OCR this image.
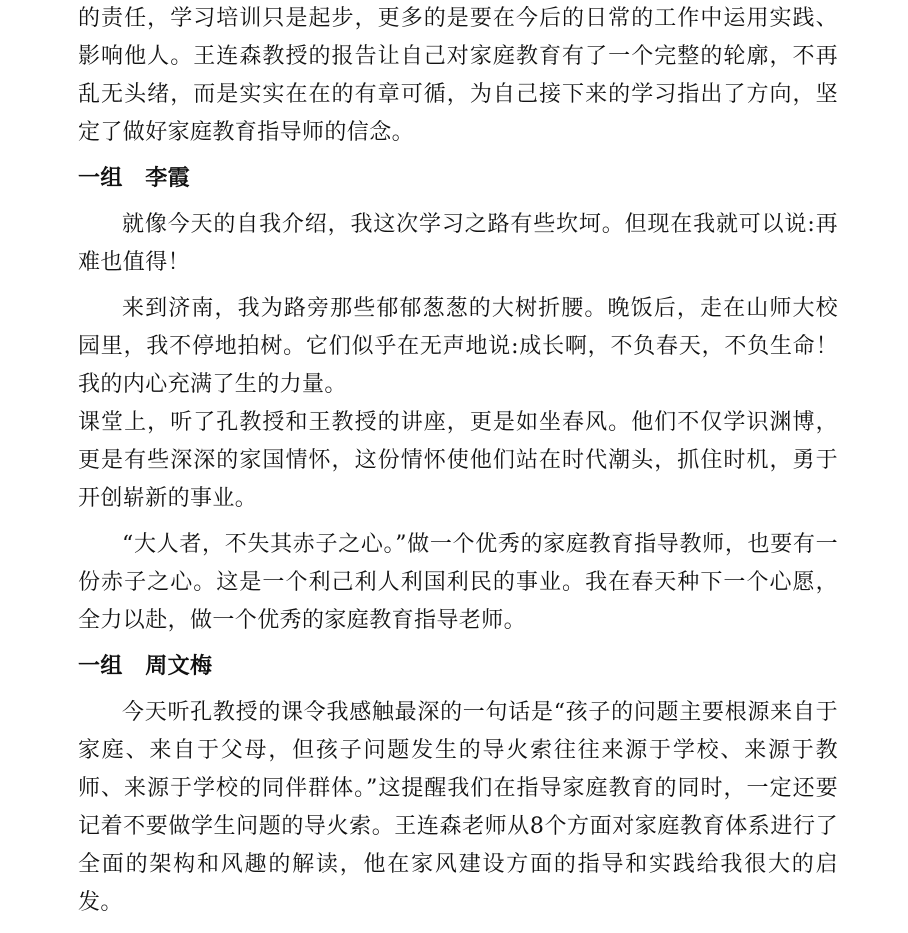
的责任，学习培训只是起步，更多的是要在今后的日常的工作中运用实践、影响他人。王连森教授的报告让自己对家庭教育有了一个完整的轮廓，不再乱无头绪，而是实实在在的有章可循，为自己接下来的学习指出了方向，坚定了做好家庭教育指导师的信念。

一组　李霞

就像今天的自我介绍，我这次学习之路有些坎坷。但现在我就可以说:再难也值得！

来到济南，我为路旁那些郁郁葱葱的大树折腰。晚饭后，走在山师大校园里，我不停地拍树。它们似乎在无声地说:成长啊，不负春天，不负生命！我的内心充满了生的力量。

课堂上，听了孔教授和王教授的讲座，更是如坐春风。他们不仅学识渊博，更是有些深深的家国情怀，这份情怀使他们站在时代潮头，抓住时机，勇于开创崭新的事业。

“大人者，不失其赤子之心。”做一个优秀的家庭教育指导教师，也要有一份赤子之心。这是一个利己利人利国利民的事业。我在春天种下一个心愿，全力以赴，做一个优秀的家庭教育指导老师。

一组　周文梅

今天听孔教授的课令我感触最深的一句话是“孩子的问题主要根源来自于家庭、来自于父母，但孩子问题发生的导火索往往来源于学校、来源于教师、来源于学校的同伴群体。”这提醒我们在指导家庭教育的同时，一定还要记着不要做学生问题的导火索。王连森老师从8个方面对家庭教育体系进行了全面的架构和风趣的解读，他在家风建设方面的指导和实践给我很大的启发。
